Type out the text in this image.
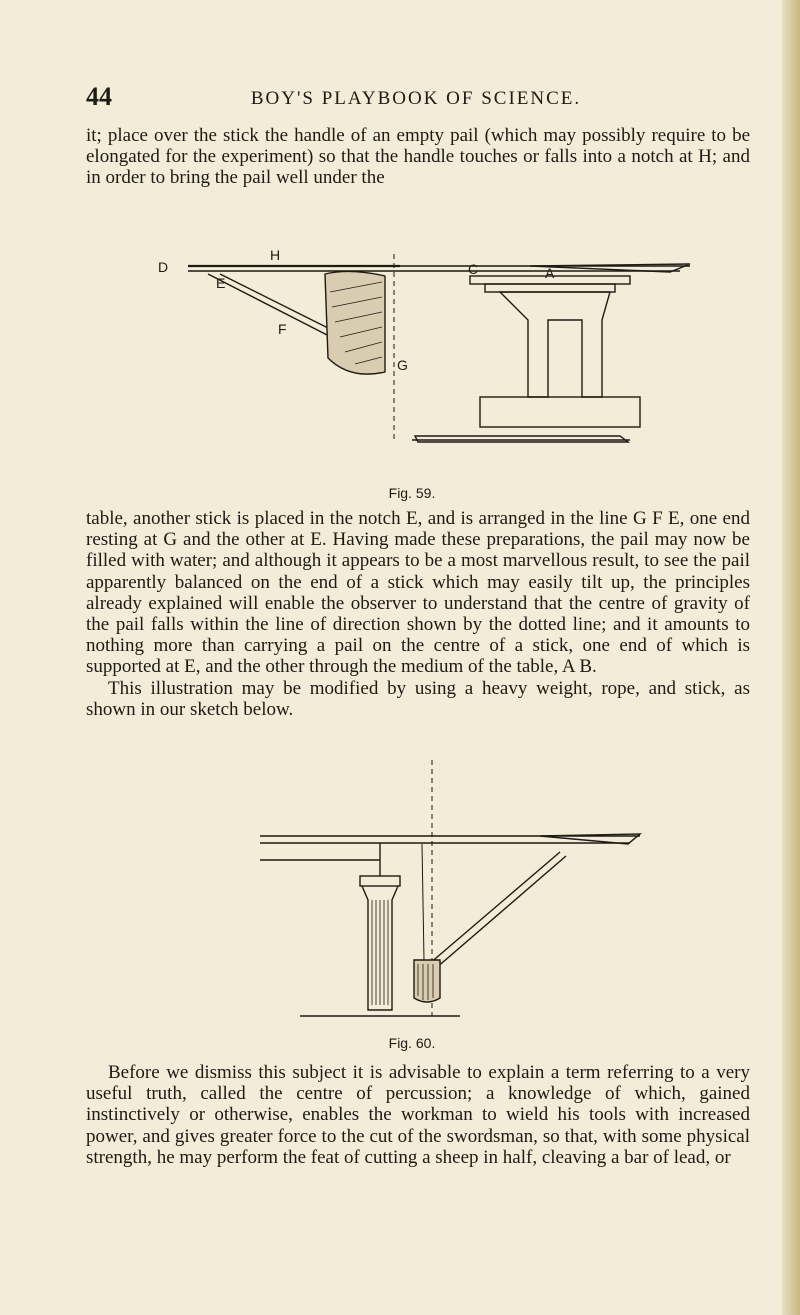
44	BOY'S PLAYBOOK OF SCIENCE.

it; place over the stick the handle of an empty pail (which may possibly require to be elongated for the experiment) so that the handle touches or falls into a notch at H; and in order to bring the pail well under the

D
H
C	A
E
F
G
Fig. 59.

table, another stick is placed in the notch E, and is arranged in the line G F E, one end resting at G and the other at E. Having made these preparations, the pail may now be filled with water; and although it appears to be a most marvellous result, to see the pail apparently balanced on the end of a stick which may easily tilt up, the principles already explained will enable the observer to understand that the centre of gravity of the pail falls within the line of direction shown by the dotted line; and it amounts to nothing more than carrying a pail on the centre of a stick, one end of which is supported at E, and the other through the medium of the table, A B.

This illustration may be modified by using a heavy weight, rope, and stick, as shown in our sketch below.

Fig. 60.

Before we dismiss this subject it is advisable to explain a term referring to a very useful truth, called the centre of percussion; a knowledge of which, gained instinctively or otherwise, enables the workman to wield his tools with increased power, and gives greater force to the cut of the swordsman, so that, with some physical strength, he may perform the feat of cutting a sheep in half, cleaving a bar of lead, or
